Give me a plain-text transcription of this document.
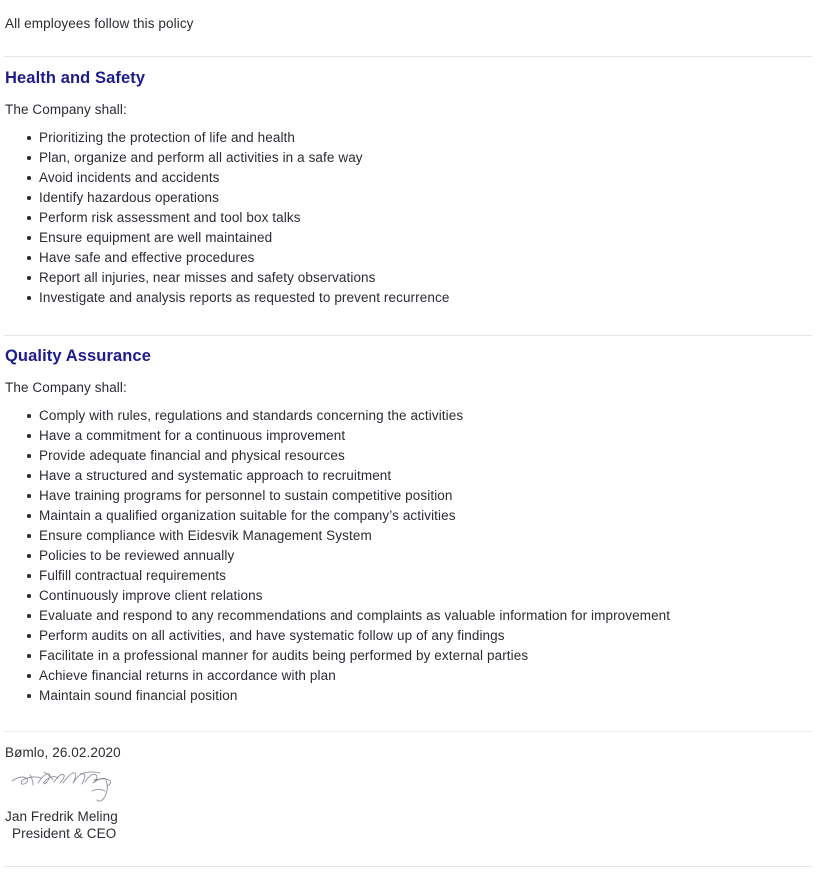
All employees follow this policy
Health and Safety

The Company shall:

Prioritizing the protection of life and health
Plan, organize and perform all activities in a safe way
Avoid incidents and accidents
Identify hazardous operations
Perform risk assessment and tool box talks
Ensure equipment are well maintained
Have safe and effective procedures
Report all injuries, near misses and safety observations
Investigate and analysis reports as requested to prevent recurrence
Quality Assurance

The Company shall:

Comply with rules, regulations and standards concerning the activities
Have a commitment for a continuous improvement
Provide adequate financial and physical resources
Have a structured and systematic approach to recruitment
Have training programs for personnel to sustain competitive position
Maintain a qualified organization suitable for the company’s activities
Ensure compliance with Eidesvik Management System
Policies to be reviewed annually
Fulfill contractual requirements
Continuously improve client relations
Evaluate and respond to any recommendations and complaints as valuable information for improvement
Perform audits on all activities, and have systematic follow up of any findings
Facilitate in a professional manner for audits being performed by external parties
Achieve financial returns in accordance with plan
Maintain sound financial position
Bømlo, 26.02.2020
Jan Fredrik Meling
President & CEO
